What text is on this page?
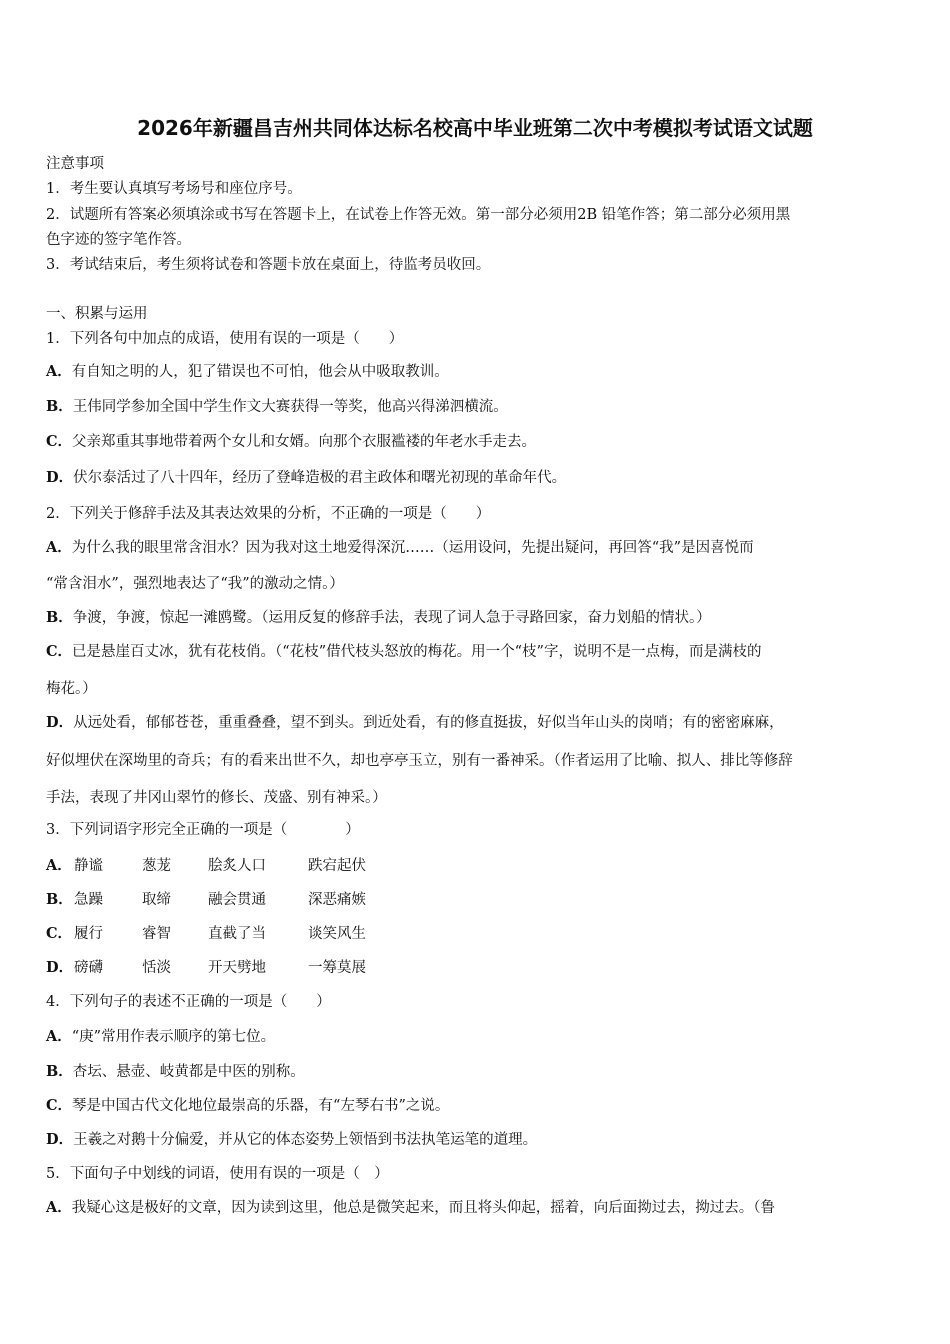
2026年新疆昌吉州共同体达标名校高中毕业班第二次中考模拟考试语文试题
注意事项
1．考生要认真填写考场号和座位序号。
2．试题所有答案必须填涂或书写在答题卡上，在试卷上作答无效。第一部分必须用2B 铅笔作答；第二部分必须用黑
色字迹的签字笔作答。
3．考试结束后，考生须将试卷和答题卡放在桌面上，待监考员收回。
一、积累与运用
1．下列各句中加点的成语，使用有误的一项是（　　）
A．有自知之明的人，犯了错误也不可怕，他会从中吸取教训。
B．王伟同学参加全国中学生作文大赛获得一等奖，他高兴得涕泗横流。
C．父亲郑重其事地带着两个女儿和女婿。向那个衣服褴褛的年老水手走去。
D．伏尔泰活过了八十四年，经历了登峰造极的君主政体和曙光初现的革命年代。
2．下列关于修辞手法及其表达效果的分析，不正确的一项是（　　）
A．为什么我的眼里常含泪水？因为我对这土地爱得深沉……（运用设问，先提出疑问，再回答“我”是因喜悦而
“常含泪水”，强烈地表达了“我”的激动之情。）
B．争渡，争渡，惊起一滩鸥鹭。（运用反复的修辞手法，表现了词人急于寻路回家，奋力划船的情状。）
C．已是悬崖百丈冰，犹有花枝俏。（“花枝”借代枝头怒放的梅花。用一个“枝”字，说明不是一点梅，而是满枝的
梅花。）
D．从远处看，郁郁苍苍，重重叠叠，望不到头。到近处看，有的修直挺拔，好似当年山头的岗哨；有的密密麻麻，
好似埋伏在深坳里的奇兵；有的看来出世不久，却也亭亭玉立，别有一番神采。（作者运用了比喻、拟人、排比等修辞
手法，表现了井冈山翠竹的修长、茂盛、别有神采。）
3．下列词语字形完全正确的一项是（　　　　）
A． 静谧	葱茏	脍炙人口	跌宕起伏
B． 急躁	取缔	融会贯通	深恶痛嫉
C． 履行	睿智	直截了当	谈笑风生
D． 磅礴	恬淡	开天劈地	一筹莫展
4．下列句子的表述不正确的一项是（　　）
A．“庚”常用作表示顺序的第七位。
B．杏坛、悬壶、岐黄都是中医的别称。
C．琴是中国古代文化地位最崇高的乐器，有“左琴右书”之说。
D．王羲之对鹅十分偏爱，并从它的体态姿势上领悟到书法执笔运笔的道理。
5．下面句子中划线的词语，使用有误的一项是（　）
A．我疑心这是极好的文章，因为读到这里，他总是微笑起来，而且将头仰起，摇着，向后面拗过去，拗过去。（鲁
